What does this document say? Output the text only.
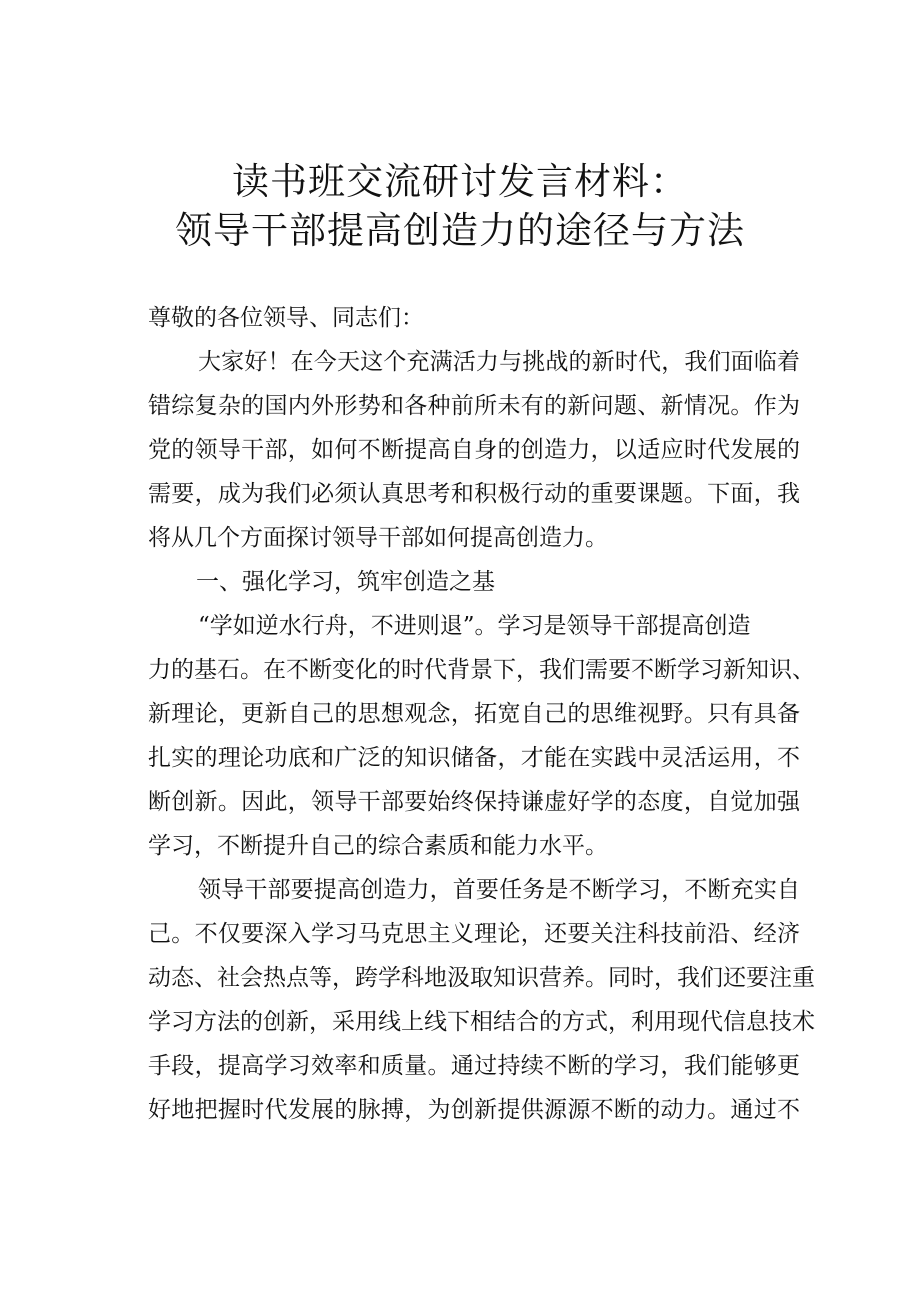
读书班交流研讨发言材料：
领导干部提高创造力的途径与方法
尊敬的各位领导、同志们：
大家好！在今天这个充满活力与挑战的新时代，我们面临着
错综复杂的国内外形势和各种前所未有的新问题、新情况。作为
党的领导干部，如何不断提高自身的创造力，以适应时代发展的
需要，成为我们必须认真思考和积极行动的重要课题。下面，我
将从几个方面探讨领导干部如何提高创造力。
一、强化学习，筑牢创造之基
“学如逆水行舟，不进则退”。学习是领导干部提高创造
力的基石。在不断变化的时代背景下，我们需要不断学习新知识、
新理论，更新自己的思想观念，拓宽自己的思维视野。只有具备
扎实的理论功底和广泛的知识储备，才能在实践中灵活运用，不
断创新。因此，领导干部要始终保持谦虚好学的态度，自觉加强
学习，不断提升自己的综合素质和能力水平。
领导干部要提高创造力，首要任务是不断学习，不断充实自
己。不仅要深入学习马克思主义理论，还要关注科技前沿、经济
动态、社会热点等，跨学科地汲取知识营养。同时，我们还要注重
学习方法的创新，采用线上线下相结合的方式，利用现代信息技术
手段，提高学习效率和质量。通过持续不断的学习，我们能够更
好地把握时代发展的脉搏，为创新提供源源不断的动力。通过不
